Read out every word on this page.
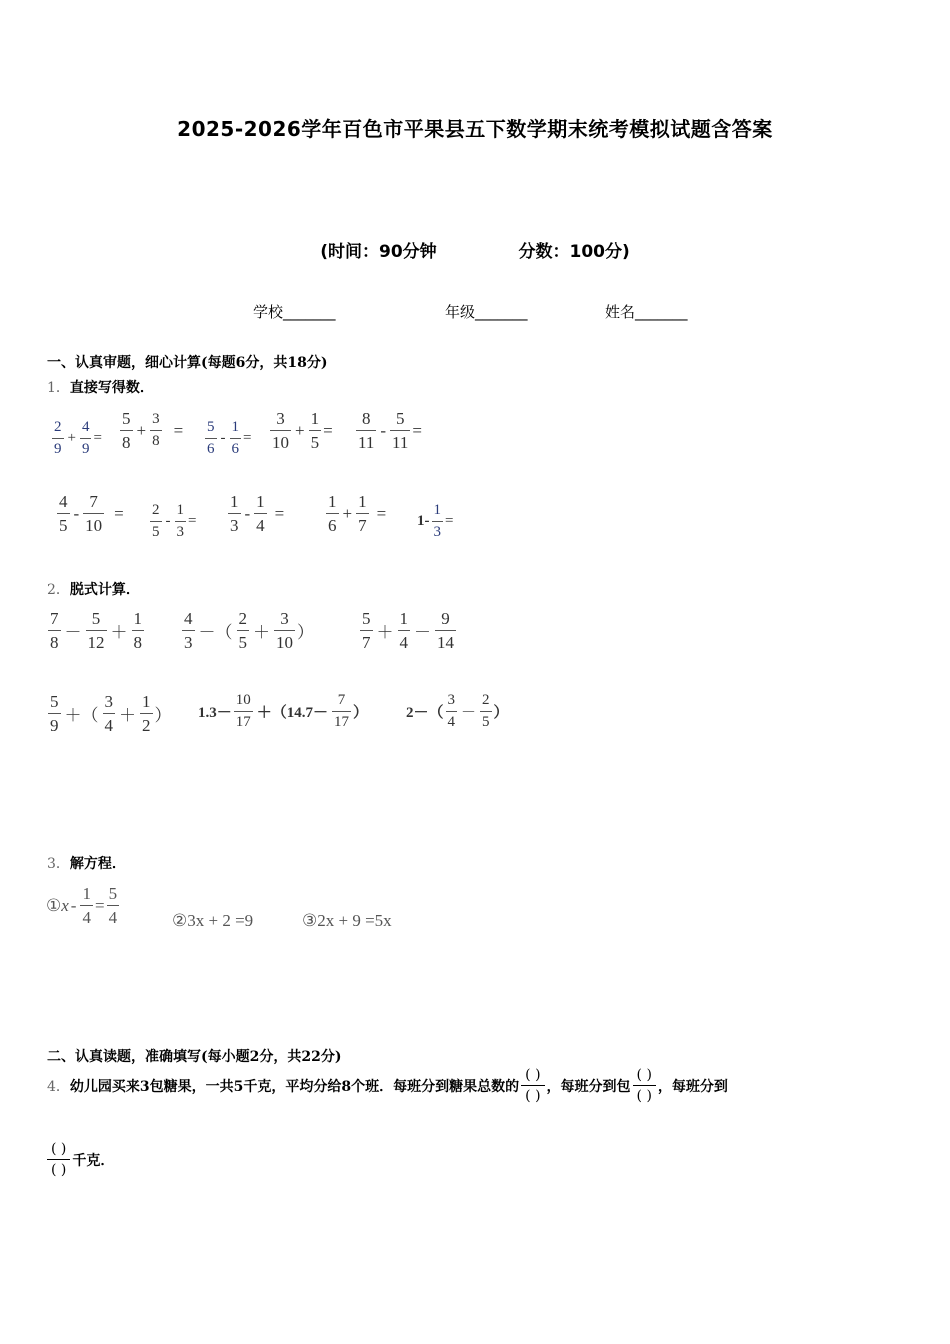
2025-2026学年百色市平果县五下数学期末统考模拟试题含答案
(时间：90分钟	分数：100分)
学校_______	年级_______	姓名_______
一、认真审题，细心计算(每题6分，共18分)
1．直接写得数．
2
9
+ $\frac{4}{9}$ =
5
8
+ $\frac{3}{8} = 5$
6
- $\frac{1}{6}$ =
3
10
+ $\frac{1}{5}$ =
8
11
- $\frac{5}{11}$ =
4
5
- $\frac{7}{10} = 2$
5
- $\frac{1}{3}$ =
1
3
- $\frac{1}{4}$ =
1
6
+ $\frac{1}{7} = 1- \frac{1}{3}$ =
2．脱式计算．
7
8
－
5
12
＋
1
8
4
3
－（
2
5
＋
3
10
）
5
7
＋
1
4
－
9
14
5
9
＋（
3
4
＋
1
2
） 1.3－
10
17
＋（14.7－
7
17
）	2－（
3
4
－
2
5
）
3．解方程．
① $x - \frac{1}{4} = \frac{5}{4}$	② 3x + 2 =9	③ 2x + 9 =5x
二、认真读题，准确填写(每小题2分，共22分)
4． 幼儿园买来3包糖果，一共5千克，平均分给8个班．每班分到糖果总数的
( )
( )
，每班分到包
( )
( )
，每班分到
( )
( )
千克．
